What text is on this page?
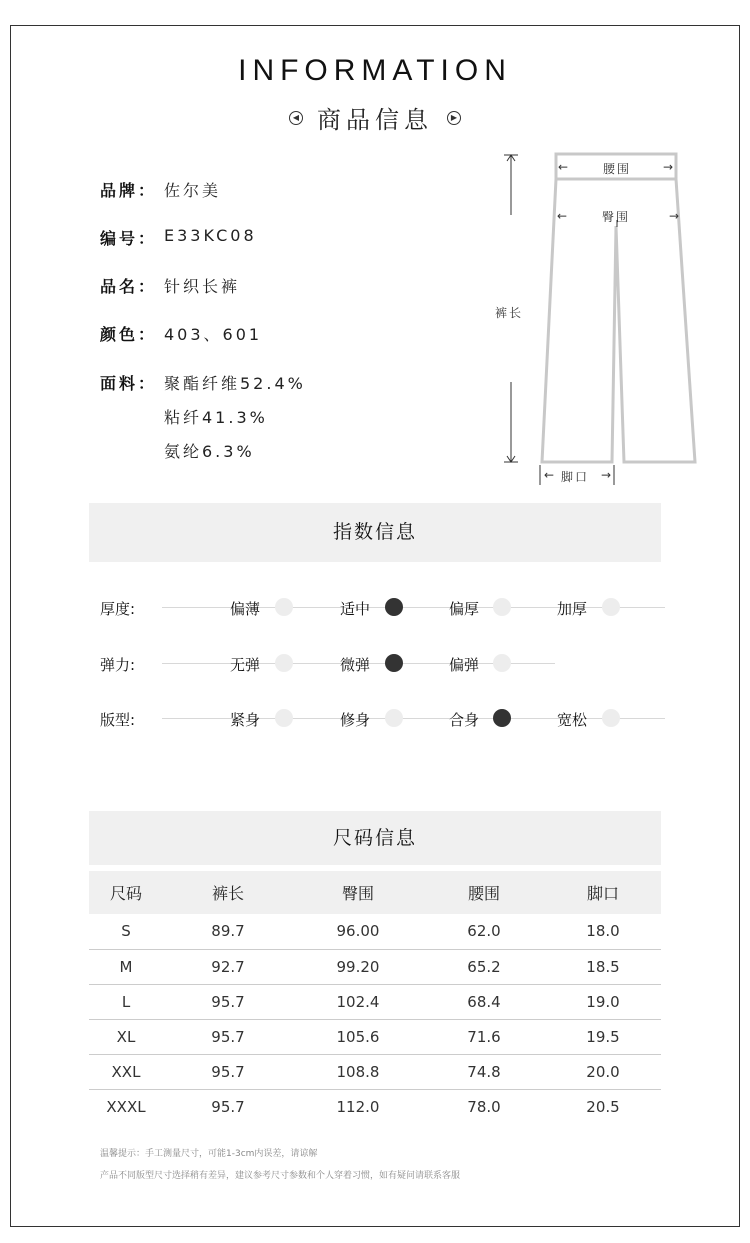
INFORMATION
◀ 商品信息	▶
品牌： 佐尔美
编号： E33KC08
品名： 针织长裤
颜色： 403、601
面料： 聚酯纤维52.4%
粘纤41.3%
氨纶6.3%
←	腰围	→
←	臀围	→
裤长
← 脚口 →
指数信息
厚度:	偏薄	适中	偏厚	加厚
弹力:	无弹	微弹	偏弹
版型:	紧身	修身	合身	宽松
尺码信息
尺码	裤长	臀围	腰围	脚口
S	89.7	96.00	62.0	18.0
M	92.7	99.20	65.2	18.5
L	95.7	102.4	68.4	19.0
XL	95.7	105.6	71.6	19.5
XXL	95.7	108.8	74.8	20.0
XXXL	95.7	112.0	78.0	20.5
温馨提示：手工测量尺寸，可能1-3cm内误差，请谅解
产品不同版型尺寸选择稍有差异，建议参考尺寸参数和个人穿着习惯，如有疑问请联系客服
